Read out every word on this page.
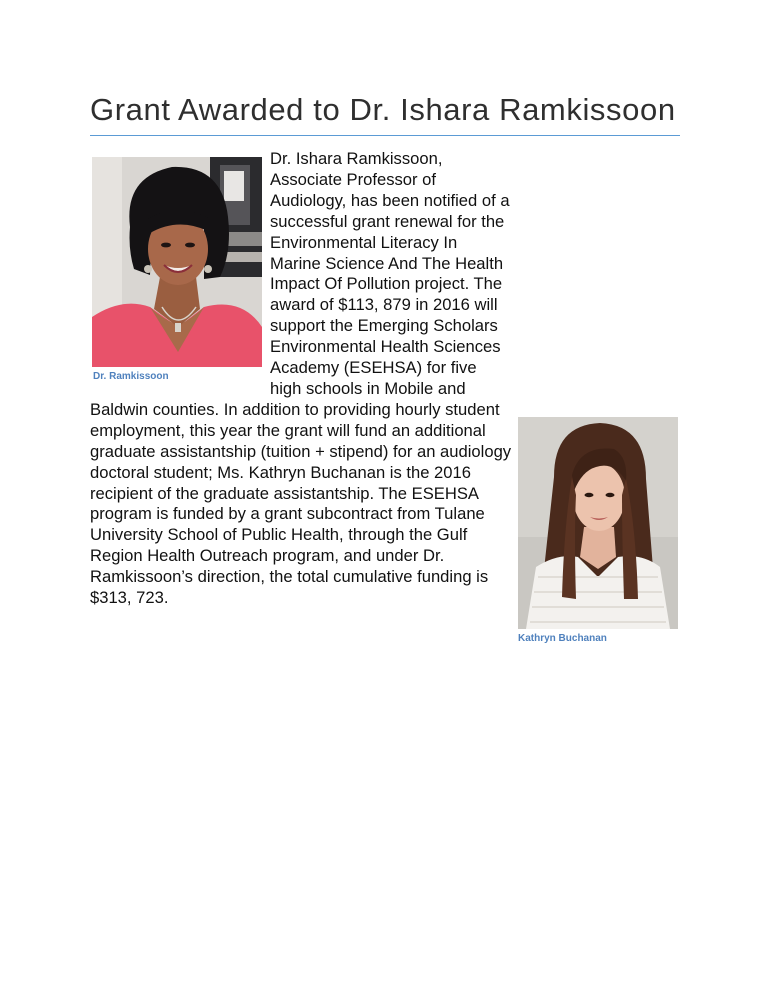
Grant Awarded to Dr. Ishara Ramkissoon
Dr. Ramkissoon
Kathryn Buchanan

Dr. Ishara Ramkissoon, Associate Professor of Audiology, has been notified of a successful grant renewal for the Environmental Literacy In Marine Science And The Health Impact Of Pollution project. The award of $113, 879 in 2016 will support the Emerging Scholars Environmental Health Sciences Academy (ESEHSA) for five high schools in Mobile and Baldwin counties. In addition to providing hourly student employment, this year the grant will fund an additional graduate assistantship (tuition + stipend) for an audiology doctoral student; Ms. Kathryn Buchanan is the 2016 recipient of the graduate assistantship. The ESEHSA program is funded by a grant subcontract from Tulane University School of Public Health, through the Gulf Region Health Outreach program, and under Dr. Ramkissoon’s direction, the total cumulative funding is $313, 723.
